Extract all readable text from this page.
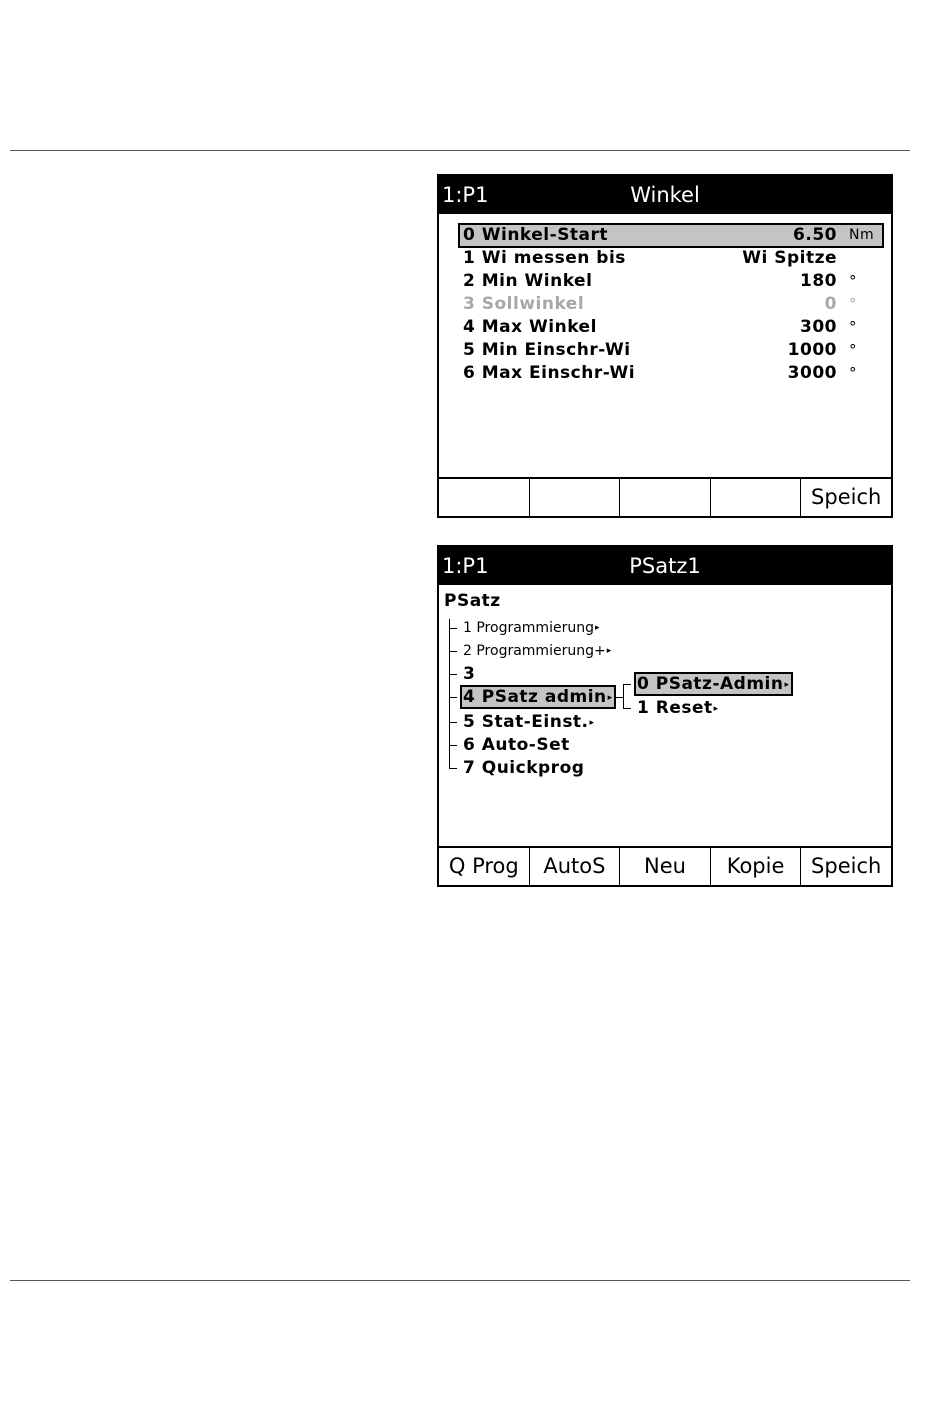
1:P1	Winkel
0 Winkel-Start	6.50 Nm
1 Wi messen bis	Wi Spitze
2 Min Winkel	180 °
3 Sollwinkel	0 °
4 Max Winkel	300 °
5 Min Einschr-Wi	1000 °
6 Max Einschr-Wi	3000 °
Speich
1:P1	PSatz1
PSatz
1 Programmierung▸
2 Programmierung+▸
3
4 PSatz admin▸
5 Stat-Einst.▸
6 Auto-Set
7 Quickprog
0 PSatz-Admin▸
1 Reset▸
Q Prog	AutoS	Neu	Kopie	Speich
